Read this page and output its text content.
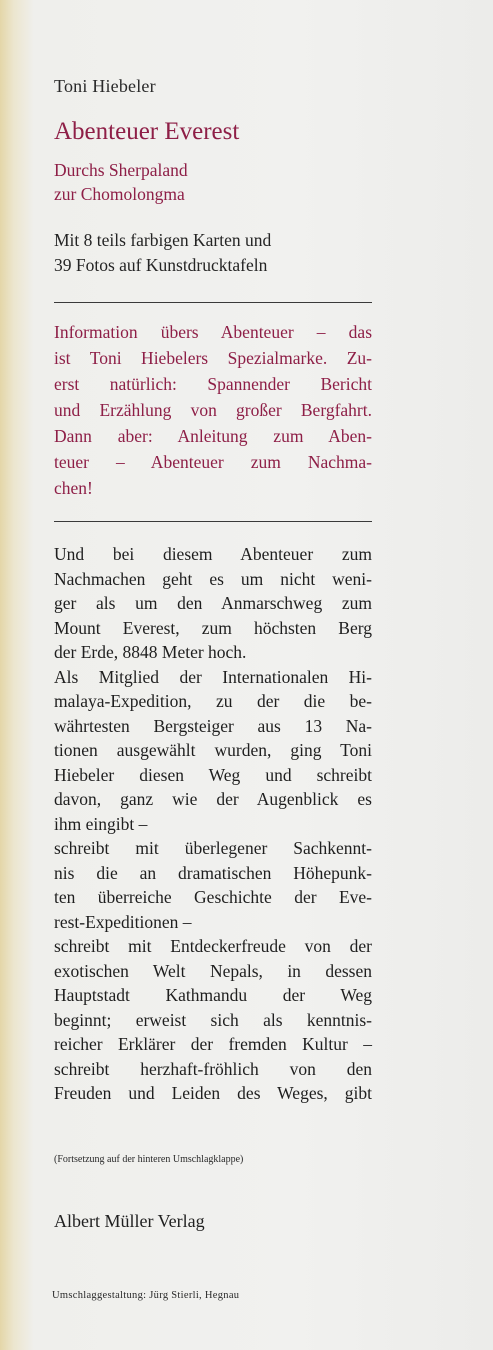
Toni Hiebeler
Abenteuer Everest
Durchs Sherpaland
zur Chomolongma
Mit 8 teils farbigen Karten und
39 Fotos auf Kunstdrucktafeln
Information übers Abenteuer – das
ist Toni Hiebelers Spezialmarke. Zu-
erst natürlich: Spannender Bericht
und Erzählung von großer Bergfahrt.
Dann aber: Anleitung zum Aben-
teuer – Abenteuer zum Nachma-
chen!
Und bei diesem Abenteuer zum
Nachmachen geht es um nicht weni-
ger als um den Anmarschweg zum
Mount Everest, zum höchsten Berg
der Erde, 8848 Meter hoch.
Als Mitglied der Internationalen Hi-
malaya-Expedition, zu der die be-
währtesten Bergsteiger aus 13 Na-
tionen ausgewählt wurden, ging Toni
Hiebeler diesen Weg und schreibt
davon, ganz wie der Augenblick es
ihm eingibt –
schreibt mit überlegener Sachkennt-
nis die an dramatischen Höhepunk-
ten überreiche Geschichte der Eve-
rest-Expeditionen –
schreibt mit Entdeckerfreude von der
exotischen Welt Nepals, in dessen
Hauptstadt Kathmandu der Weg
beginnt; erweist sich als kenntnis-
reicher Erklärer der fremden Kultur –
schreibt herzhaft-fröhlich von den
Freuden und Leiden des Weges, gibt
(Fortsetzung auf der hinteren Umschlagklappe)
Albert Müller Verlag
Umschlaggestaltung: Jürg Stierli, Hegnau
